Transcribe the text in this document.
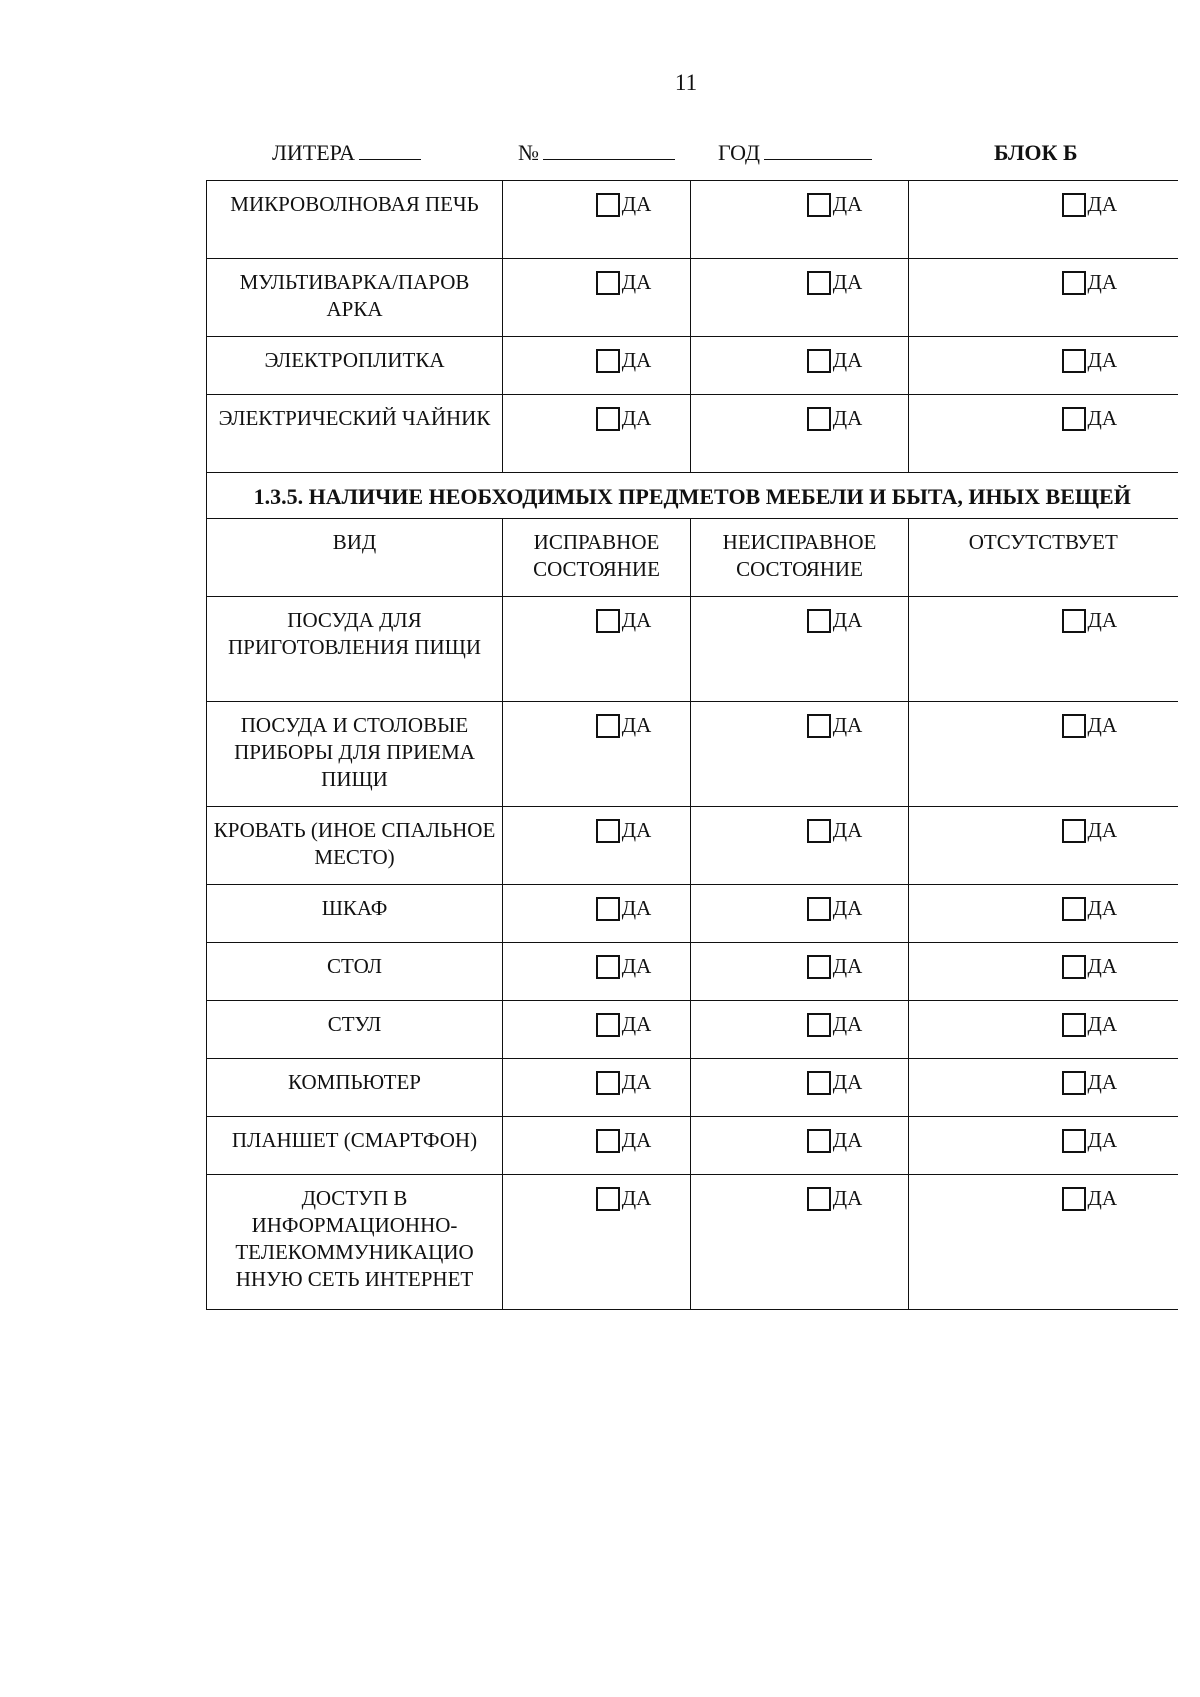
11
ЛИТЕРА	№	ГОД	БЛОК Б
МИКРОВОЛНОВАЯ ПЕЧЬ	ДА	ДА	ДА

МУЛЬТИВАРКА/ПАРОВ АРКА	ДА	ДА	ДА

ЭЛЕКТРОПЛИТКА	ДА	ДА	ДА

ЭЛЕКТРИЧЕСКИЙ ЧАЙНИК	ДА	ДА	ДА

1.3.5. НАЛИЧИЕ НЕОБХОДИМЫХ ПРЕДМЕТОВ МЕБЕЛИ И БЫТА, ИНЫХ ВЕЩЕЙ			
ВИД	ИСПРАВНОЕ СОСТОЯНИЕ	НЕИСПРАВНОЕ СОСТОЯНИЕ	ОТСУТСТВУЕТ
ПОСУДА ДЛЯ ПРИГОТОВЛЕНИЯ ПИЩИ	ДА	ДА	ДА

ПОСУДА И СТОЛОВЫЕ ПРИБОРЫ ДЛЯ ПРИЕМА ПИЩИ	ДА	ДА	ДА

КРОВАТЬ (ИНОЕ СПАЛЬНОЕ МЕСТО)	ДА	ДА	ДА

ШКАФ	ДА	ДА	ДА

СТОЛ	ДА	ДА	ДА

СТУЛ	ДА	ДА	ДА

КОМПЬЮТЕР	ДА	ДА	ДА

ПЛАНШЕТ (СМАРТФОН)	ДА	ДА	ДА

ДОСТУП В ИНФОРМАЦИОННО-ТЕЛЕКОММУНИКАЦИО ННУЮ СЕТЬ ИНТЕРНЕТ	ДА	ДА	ДА
